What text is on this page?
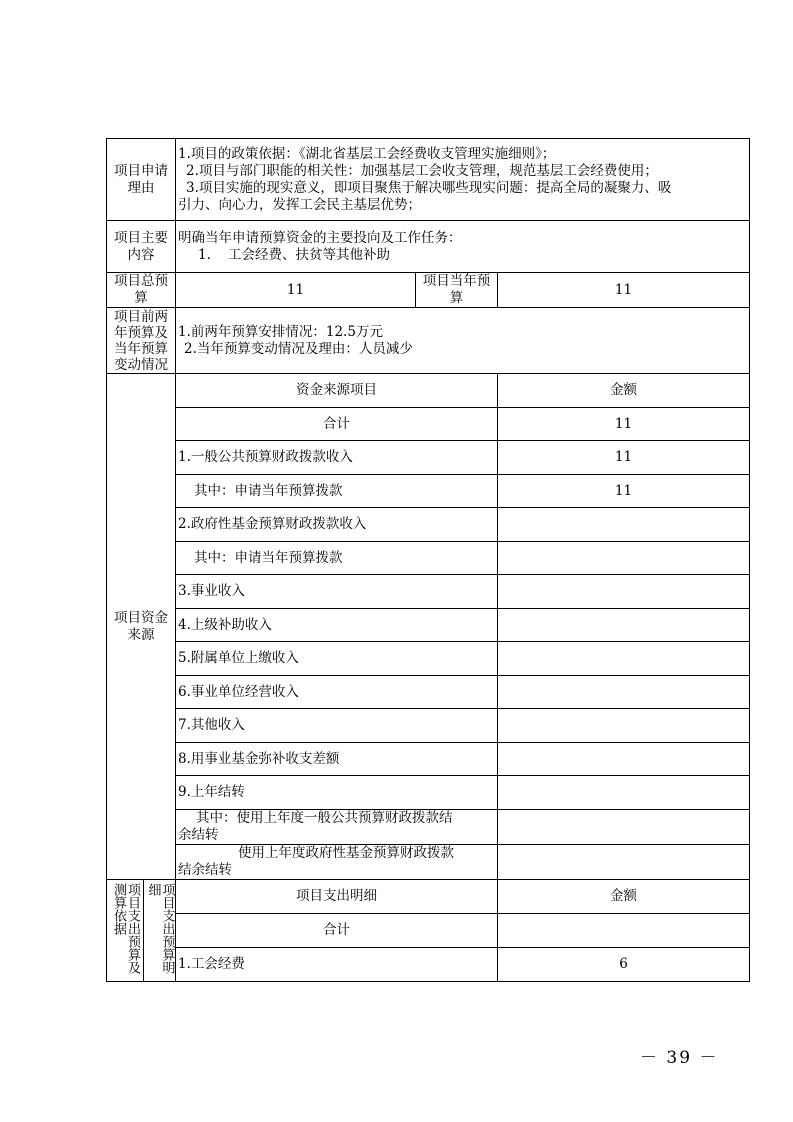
项目申请理由	1.项目的政策依据：《湖北省基层工会经费收支管理实施细则》；
2.项目与部门职能的相关性：加强基层工会收支管理，规范基层工会经费使用；
3.项目实施的现实意义，即项目聚焦于解决哪些现实问题：提高全局的凝聚力、吸
引力、向心力，发挥工会民主基层优势；		

项目主要内容	明确当年申请预算资金的主要投向及工作任务：
1.    工会经费、扶贫等其他补助		

项目总预算	11	项目当年预算	11
项目前两年预算及当年预算变动情况	1.前两年预算安排情况：12.5万元
2.当年预算变动情况及理由：人员减少		

项目资金来源	资金来源项目		金额
	合计		11
	1.一般公共预算财政拨款收入		11
	其中：申请当年预算拨款		11
	2.政府性基金预算财政拨款收入		
	其中：申请当年预算拨款		
	3.事业收入		
	4.上级补助收入		
	5.附属单位上缴收入		
	6.事业单位经营收入		
	7.其他收入		
	8.用事业基金弥补收支差额		
	9.上年结转		

	其中：使用上年度一般公共预算财政拨款结
余结转		

	使用上年度政府性基金预算财政拨款
结余结转		

项目支出预算及测算依据 项目支出预算明细	项目支出明细		金额
	合计		
	1.工会经费		6
－ 39 －
